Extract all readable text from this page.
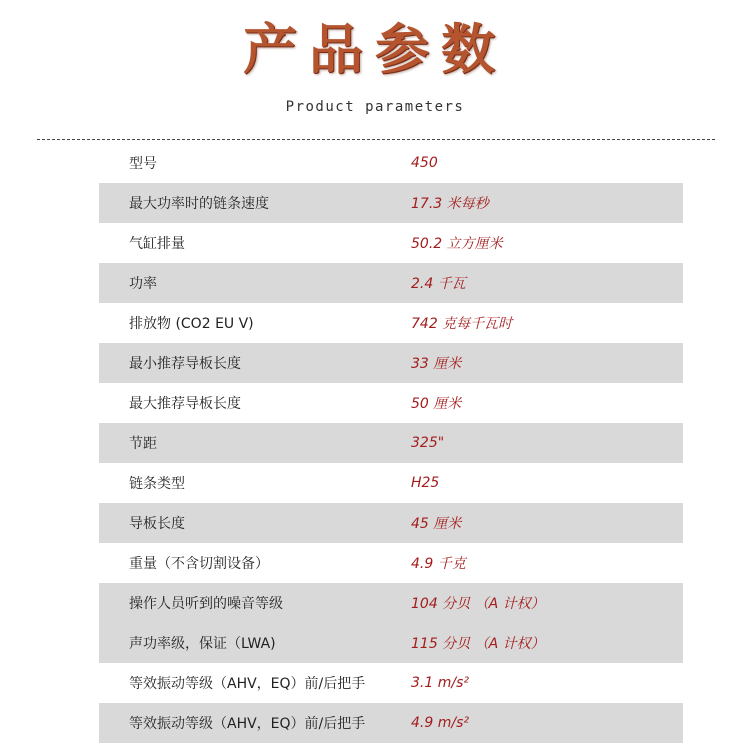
产品参数
Product parameters
型号	450
最大功率时的链条速度	17.3 米每秒
气缸排量	50.2 立方厘米
功率	2.4 千瓦
排放物 (CO2 EU V)	742 克每千瓦时
最小推荐导板长度	33 厘米
最大推荐导板长度	50 厘米
节距	325"
链条类型	H25
导板长度	45 厘米
重量（不含切割设备）	4.9 千克
操作人员听到的噪音等级	104 分贝 （A 计权）
声功率级，保证（LWA)	115 分贝 （A 计权）
等效振动等级（AHV，EQ）前/后把手	3.1 m/s²
等效振动等级（AHV，EQ）前/后把手	4.9 m/s²
